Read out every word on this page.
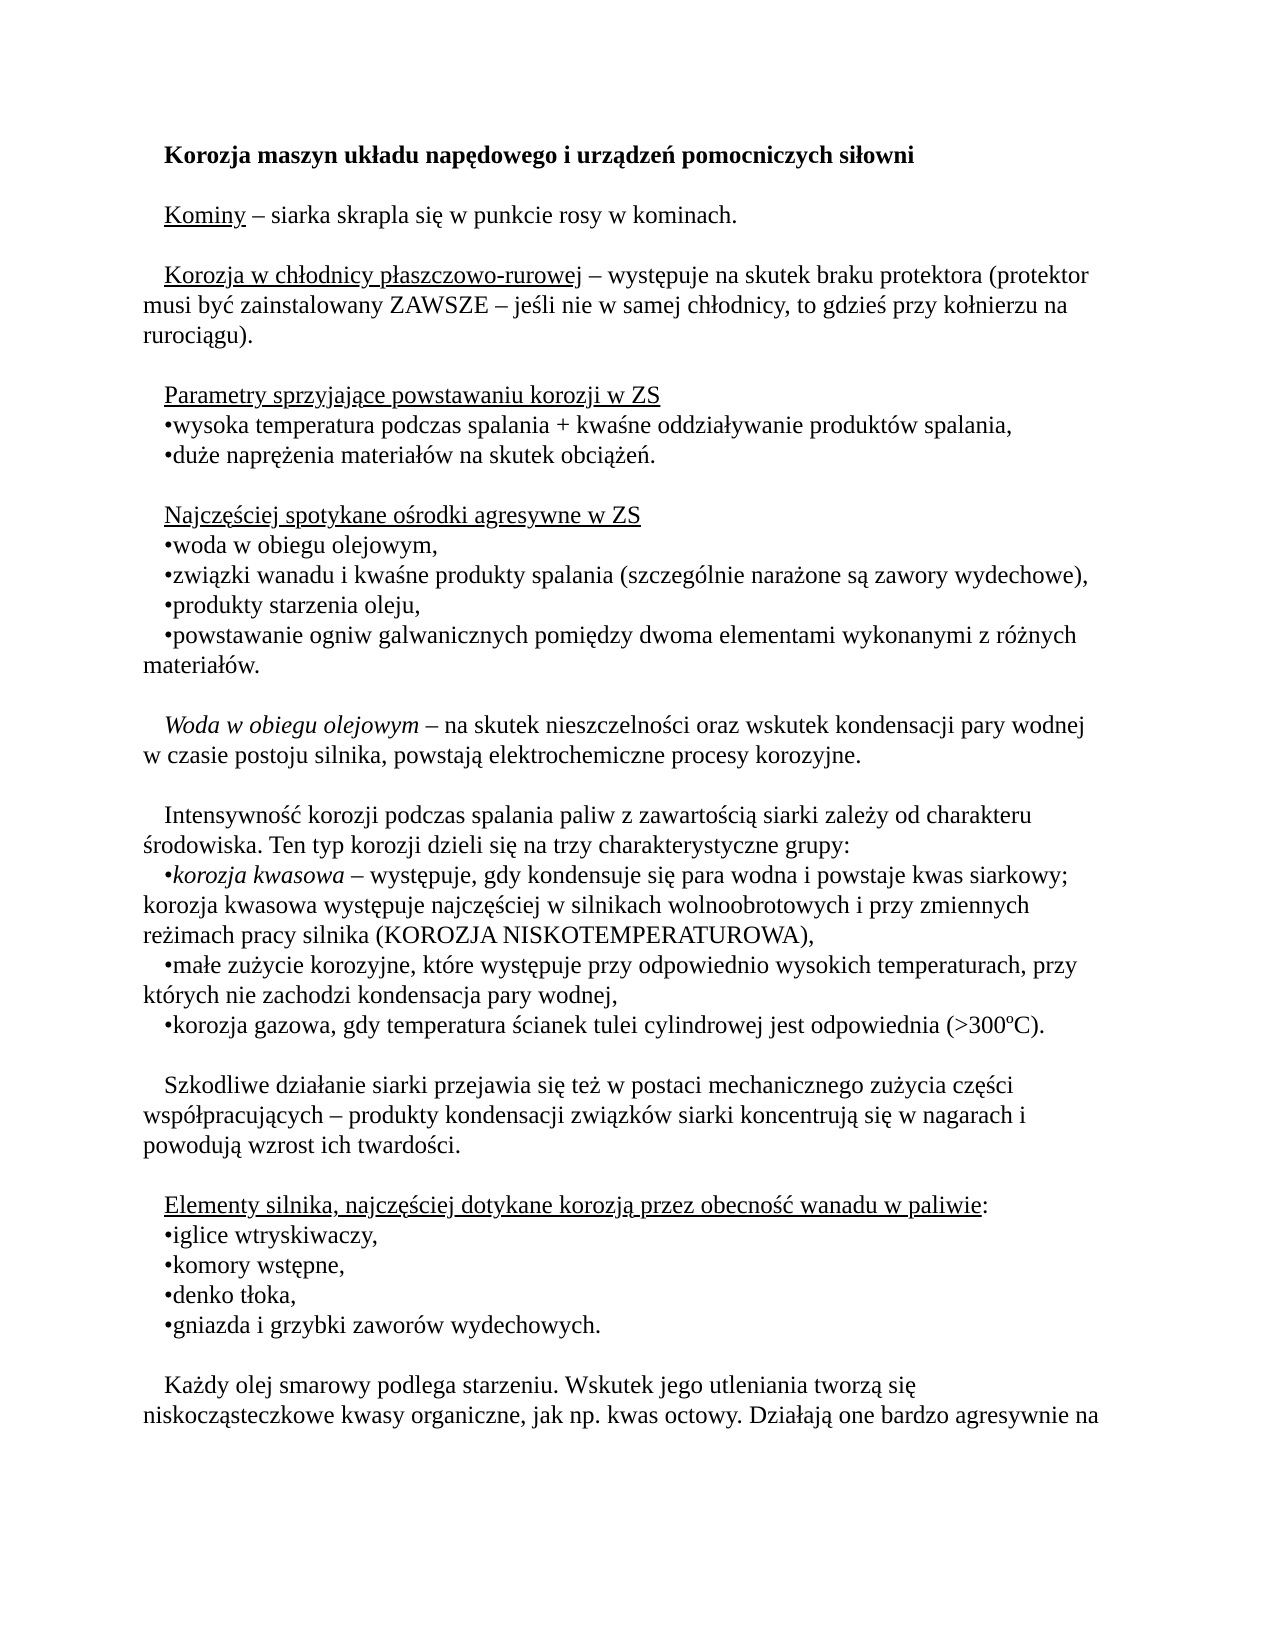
Korozja maszyn układu napędowego i urządzeń pomocniczych siłowni

Kominy – siarka skrapla się w punkcie rosy w kominach.

Korozja w chłodnicy płaszczowo-rurowej – występuje na skutek braku protektora (protektor musi być zainstalowany ZAWSZE – jeśli nie w samej chłodnicy, to gdzieś przy kołnierzu na rurociągu).

Parametry sprzyjające powstawaniu korozji w ZS

•wysoka temperatura podczas spalania + kwaśne oddziaływanie produktów spalania,

•duże naprężenia materiałów na skutek obciążeń.

Najczęściej spotykane ośrodki agresywne w ZS

•woda w obiegu olejowym,

•związki wanadu i kwaśne produkty spalania (szczególnie narażone są zawory wydechowe),

•produkty starzenia oleju,

•powstawanie ogniw galwanicznych pomiędzy dwoma elementami wykonanymi z różnych materiałów.

Woda w obiegu olejowym – na skutek nieszczelności oraz wskutek kondensacji pary wodnej w czasie postoju silnika, powstają elektrochemiczne procesy korozyjne.

Intensywność korozji podczas spalania paliw z zawartością siarki zależy od charakteru środowiska. Ten typ korozji dzieli się na trzy charakterystyczne grupy:

•korozja kwasowa – występuje, gdy kondensuje się para wodna i powstaje kwas siarkowy; korozja kwasowa występuje najczęściej w silnikach wolnoobrotowych i przy zmiennych reżimach pracy silnika (KOROZJA NISKOTEMPERATUROWA),

•małe zużycie korozyjne, które występuje przy odpowiednio wysokich temperaturach, przy których nie zachodzi kondensacja pary wodnej,

•korozja gazowa, gdy temperatura ścianek tulei cylindrowej jest odpowiednia (>300ºC).

Szkodliwe działanie siarki przejawia się też w postaci mechanicznego zużycia części współpracujących – produkty kondensacji związków siarki koncentrują się w nagarach i powodują wzrost ich twardości.

Elementy silnika, najczęściej dotykane korozją przez obecność wanadu w paliwie:

•iglice wtryskiwaczy,

•komory wstępne,

•denko tłoka,

•gniazda i grzybki zaworów wydechowych.

Każdy olej smarowy podlega starzeniu. Wskutek jego utleniania tworzą się niskocząsteczkowe kwasy organiczne, jak np. kwas octowy. Działają one bardzo agresywnie na
